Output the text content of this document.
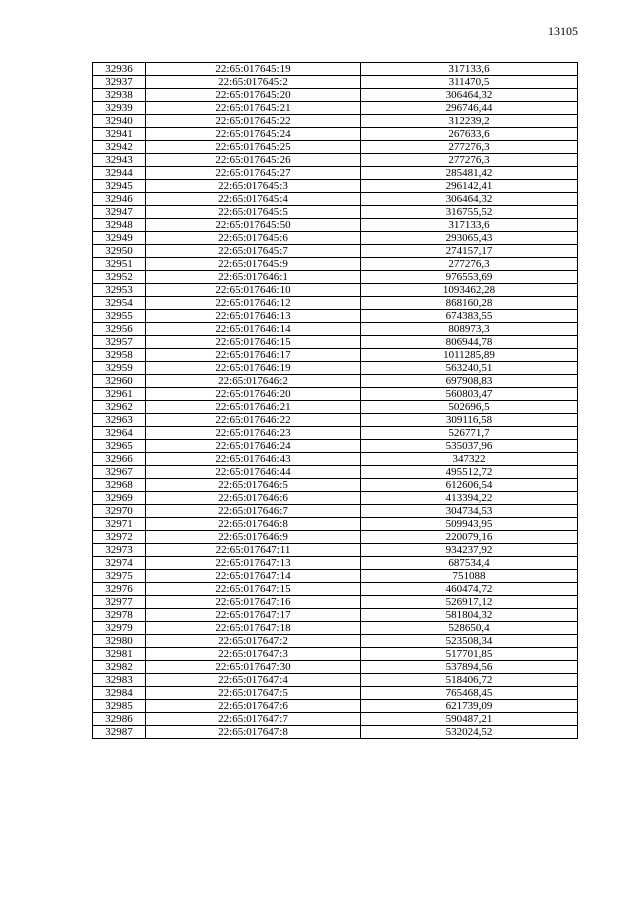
13105
32936	22:65:017645:19	317133,6
32937	22:65:017645:2	311470,5
32938	22:65:017645:20	306464,32
32939	22:65:017645:21	296746,44
32940	22:65:017645:22	312239,2
32941	22:65:017645:24	267633,6
32942	22:65:017645:25	277276,3
32943	22:65:017645:26	277276,3
32944	22:65:017645:27	285481,42
32945	22:65:017645:3	296142,41
32946	22:65:017645:4	306464,32
32947	22:65:017645:5	316755,52
32948	22:65:017645:50	317133,6
32949	22:65:017645:6	293065,43
32950	22:65:017645:7	274157,17
32951	22:65:017645:9	277276,3
32952	22:65:017646:1	976553,69
32953	22:65:017646:10	1093462,28
32954	22:65:017646:12	868160,28
32955	22:65:017646:13	674383,55
32956	22:65:017646:14	808973,3
32957	22:65:017646:15	806944,78
32958	22:65:017646:17	1011285,89
32959	22:65:017646:19	563240,51
32960	22:65:017646:2	697908,83
32961	22:65:017646:20	560803,47
32962	22:65:017646:21	502696,5
32963	22:65:017646:22	309116,58
32964	22:65:017646:23	526771,7
32965	22:65:017646:24	535037,96
32966	22:65:017646:43	347322
32967	22:65:017646:44	495512,72
32968	22:65:017646:5	612606,54
32969	22:65:017646:6	413394,22
32970	22:65:017646:7	304734,53
32971	22:65:017646:8	509943,95
32972	22:65:017646:9	220079,16
32973	22:65:017647:11	934237,92
32974	22:65:017647:13	687534,4
32975	22:65:017647:14	751088
32976	22:65:017647:15	460474,72
32977	22:65:017647:16	526917,12
32978	22:65:017647:17	581804,32
32979	22:65:017647:18	528650,4
32980	22:65:017647:2	523508,34
32981	22:65:017647:3	517701,85
32982	22:65:017647:30	537894,56
32983	22:65:017647:4	518406,72
32984	22:65:017647:5	765468,45
32985	22:65:017647:6	621739,09
32986	22:65:017647:7	590487,21
32987	22:65:017647:8	532024,52
